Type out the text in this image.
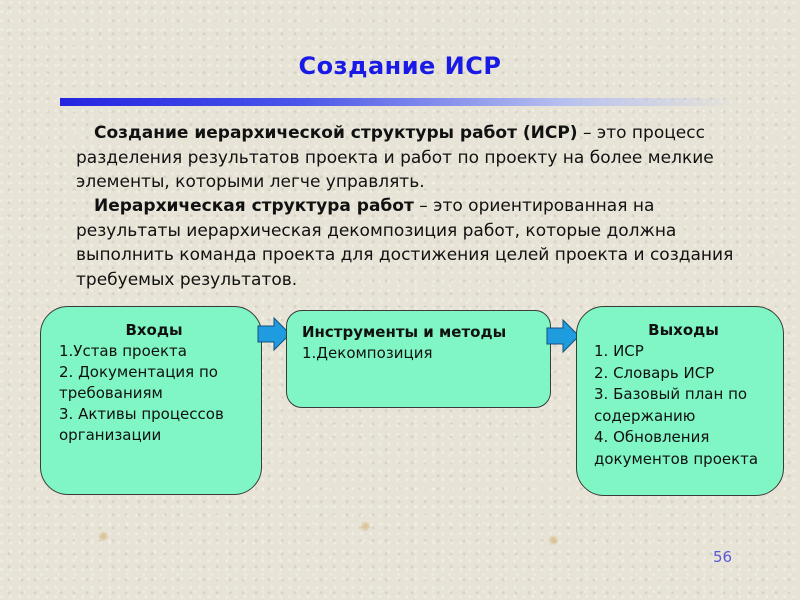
✺
✺
✺
Создание ИСР

Создание иерархической структуры работ (ИСР) – это процесс разделения результатов проекта и работ по проекту на более мелкие элементы, которыми легче управлять.

Иерархическая структура работ – это ориентированная на результаты иерархическая декомпозиция работ, которые должна выполнить команда проекта для достижения целей проекта и создания требуемых результатов.

Входы
1.Устав проекта
2. Документация по требованиям
3. Активы процессов организации
Инструменты и методы
1.Декомпозиция
Выходы
1. ИСР
2. Словарь ИСР
3. Базовый план по содержанию
4. Обновления документов проекта
56
